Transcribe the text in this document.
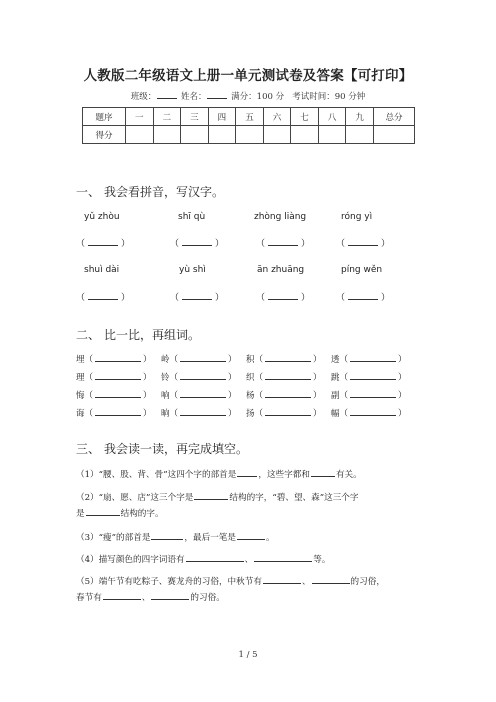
人教版二年级语文上册一单元测试卷及答案【可打印】
班级：	姓名：	满分：100 分 考试时间：90 分钟
题序	一	二	三	四	五	六	七	八	九	总分
得分										
一、 我会看拼音，写汉字。
yǔ zhòu	shī qù	zhòng liàng	róng yì
（	）	（	）	（	）	（	）
shuì dài	yù shì	ān zhuāng	píng wěn
（	）	（	）	（	）	（	）
二、 比一比，再组词。
埋（	） 岭（	） 积（	） 透（	）
理（	） 铃（	） 织（	） 跳（	）
悔（	） 响（	） 杨（	） 副（	）
诲（	） 晌（	） 扬（	） 幅（	）
三、 我会读一读，再完成填空。
（1）“腰、股、背、骨”这四个字的部首是	，这些字都和	有关。
（2）“扇、愿、店”这三个字是	结构的字，“碧、望、森”这三个字
是	结构的字。
（3）“瘦”的部首是	，最后一笔是	。
（4）描写颜色的四字词语有	、	等。
（5）端午节有吃粽子、赛龙舟的习俗，中秋节有	、	的习俗，
春节有	、	的习俗。
1 / 5
